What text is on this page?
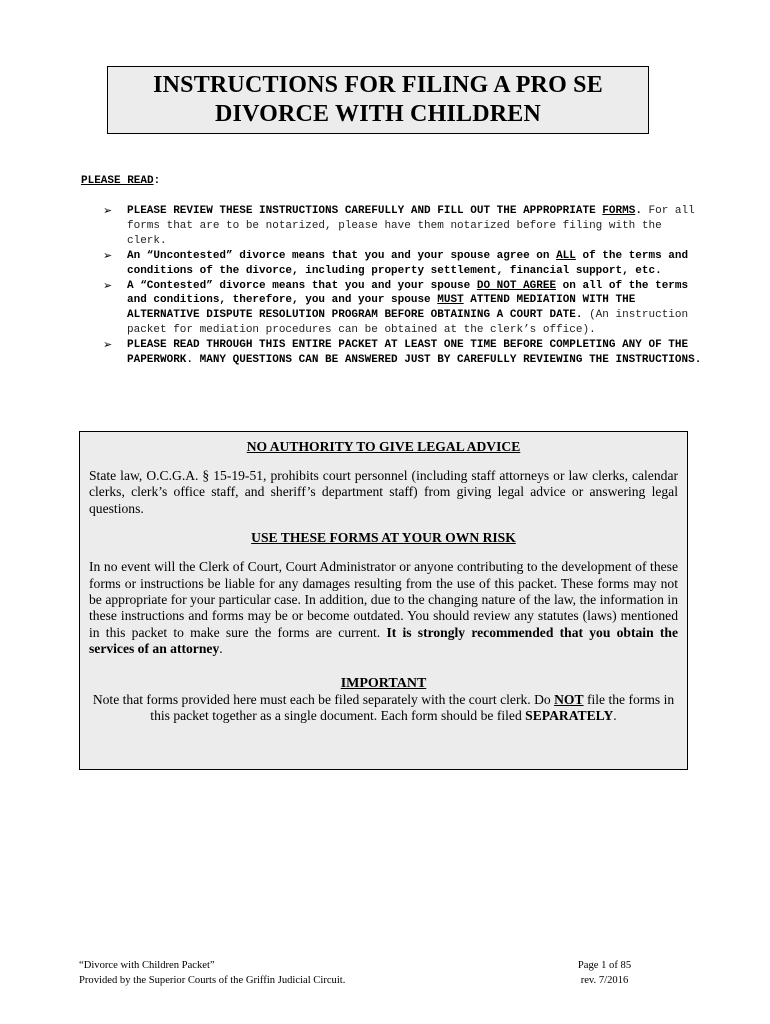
INSTRUCTIONS FOR FILING A PRO SE
DIVORCE WITH CHILDREN
PLEASE READ:
➢ PLEASE REVIEW THESE INSTRUCTIONS CAREFULLY AND FILL OUT THE APPROPRIATE FORMS. For all forms that are to be notarized, please have them notarized before filing with the clerk.
➢ An “Uncontested” divorce means that you and your spouse agree on ALL of the terms and conditions of the divorce, including property settlement, financial support, etc.
➢ A “Contested” divorce means that you and your spouse DO NOT AGREE on all of the terms and conditions, therefore, you and your spouse MUST ATTEND MEDIATION WITH THE ALTERNATIVE DISPUTE RESOLUTION PROGRAM BEFORE OBTAINING A COURT DATE. (An instruction packet for mediation procedures can be obtained at the clerk’s office).
➢ PLEASE READ THROUGH THIS ENTIRE PACKET AT LEAST ONE TIME BEFORE COMPLETING ANY OF THE PAPERWORK. MANY QUESTIONS CAN BE ANSWERED JUST BY CAREFULLY REVIEWING THE INSTRUCTIONS.
NO AUTHORITY TO GIVE LEGAL ADVICE

State law, O.C.G.A. § 15-19-51, prohibits court personnel (including staff attorneys or law clerks, calendar clerks, clerk’s office staff, and sheriff’s department staff) from giving legal advice or answering legal questions.

USE THESE FORMS AT YOUR OWN RISK

In no event will the Clerk of Court, Court Administrator or anyone contributing to the development of these forms or instructions be liable for any damages resulting from the use of this packet. These forms may not be appropriate for your particular case. In addition, due to the changing nature of the law, the information in these instructions and forms may be or become outdated. You should review any statutes (laws) mentioned in this packet to make sure the forms are current. It is strongly recommended that you obtain the services of an attorney.

IMPORTANT
Note that forms provided here must each be filed separately with the court clerk. Do NOT file the forms in this packet together as a single document. Each form should be filed SEPARATELY.
“Divorce with Children Packet”
Provided by the Superior Courts of the Griffin Judicial Circuit.
Page 1 of 85
rev. 7/2016
